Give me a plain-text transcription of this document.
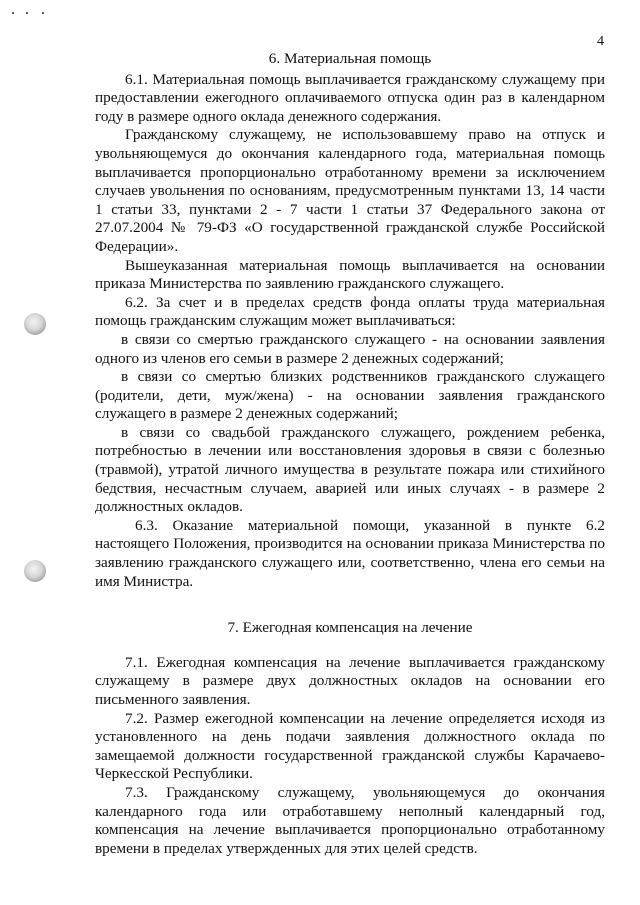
4
6. Материальная помощь

6.1. Материальная помощь выплачивается гражданскому служащему при предоставлении ежегодного оплачиваемого отпуска один раз в календарном году в размере одного оклада денежного содержания.

Гражданскому служащему, не использовавшему право на отпуск и увольняющемуся до окончания календарного года, материальная помощь выплачивается пропорционально отработанному времени за исключением случаев увольнения по основаниям, предусмотренным пунктами 13, 14 части 1 статьи 33, пунктами 2 - 7 части 1 статьи 37 Федерального закона от 27.07.2004 № 79-ФЗ «О государственной гражданской службе Российской Федерации».

Вышеуказанная материальная помощь выплачивается на основании приказа Министерства по заявлению гражданского служащего.

6.2. За счет и в пределах средств фонда оплаты труда материальная помощь гражданским служащим может выплачиваться:

в связи со смертью гражданского служащего - на основании заявления одного из членов его семьи в размере 2 денежных содержаний;

в связи со смертью близких родственников гражданского служащего (родители, дети, муж/жена) - на основании заявления гражданского служащего в размере 2 денежных содержаний;

в связи со свадьбой гражданского служащего, рождением ребенка, потребностью в лечении или восстановления здоровья в связи с болезнью (травмой), утратой личного имущества в результате пожара или стихийного бедствия, несчастным случаем, аварией или иных случаях - в размере 2 должностных окладов.

6.3. Оказание материальной помощи, указанной в пункте 6.2 настоящего Положения, производится на основании приказа Министерства по заявлению гражданского служащего или, соответственно, члена его семьи на имя Министра.

7. Ежегодная компенсация на лечение

7.1. Ежегодная компенсация на лечение выплачивается гражданскому служащему в размере двух должностных окладов на основании его письменного заявления.

7.2. Размер ежегодной компенсации на лечение определяется исходя из установленного на день подачи заявления должностного оклада по замещаемой должности государственной гражданской службы Карачаево-Черкесской Республики.

7.3. Гражданскому служащему, увольняющемуся до окончания календарного года или отработавшему неполный календарный год, компенсация на лечение выплачивается пропорционально отработанному времени в пределах утвержденных для этих целей средств.
